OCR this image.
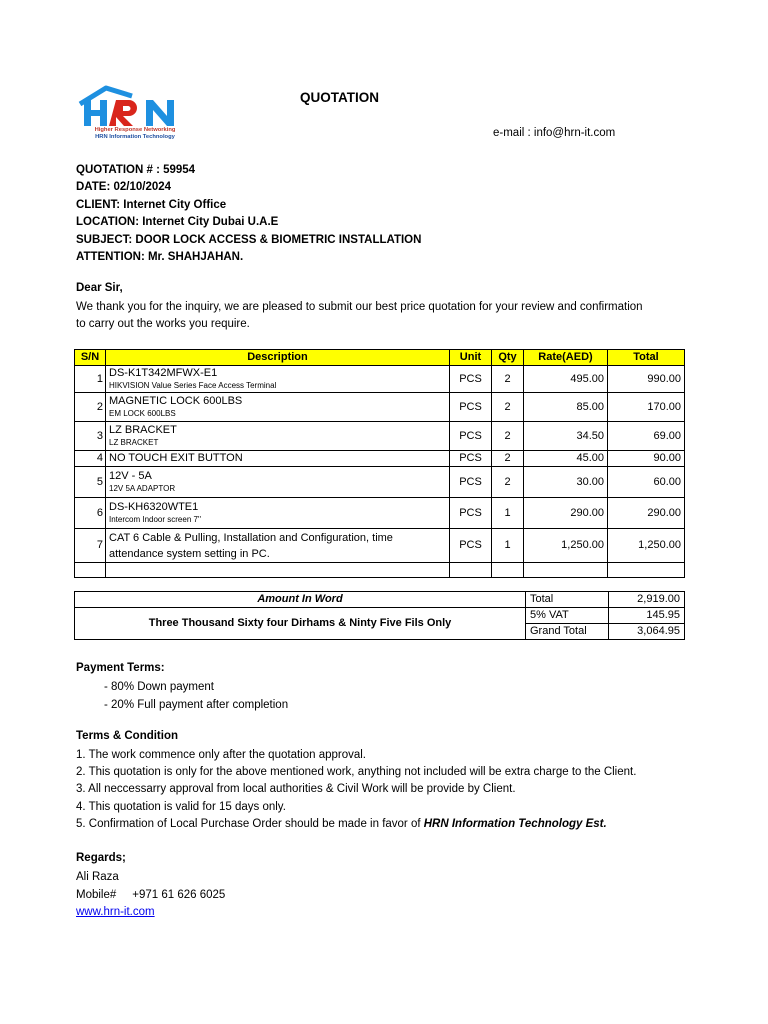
Higher Response Networking
HRN Information Technology
QUOTATION
e-mail : info@hrn-it.com
QUOTATION # : 59954
DATE: 02/10/2024
CLIENT: Internet City Office
LOCATION: Internet City Dubai U.A.E
SUBJECT: DOOR LOCK ACCESS & BIOMETRIC INSTALLATION
ATTENTION: Mr. SHAHJAHAN.
Dear Sir,
We thank you for the inquiry, we are pleased to submit our best price quotation for your review and confirmation
to carry out the works you require.
S/N	Description	Unit	Qty	Rate(AED)	Total
1	DS-K1T342MFWX-E1
HIKVISION Value Series Face Access Terminal	PCS	2	495.00	990.00
2	MAGNETIC LOCK 600LBS
EM LOCK 600LBS	PCS	2	85.00	170.00
3	LZ BRACKET
LZ BRACKET	PCS	2	34.50	69.00
4	NO TOUCH EXIT BUTTON	PCS	2	45.00	90.00
5	12V - 5A
12V 5A ADAPTOR	PCS	2	30.00	60.00
6	DS-KH6320WTE1
Intercom Indoor screen 7''	PCS	1	290.00	290.00
7	CAT 6 Cable & Pulling, Installation and Configuration, time
attendance system setting in PC.	PCS	1	1,250.00	1,250.00

Amount In Word	Total	2,919.00
Three Thousand Sixty four Dirhams & Ninty Five Fils Only	5% VAT	145.95
	Grand Total	3,064.95
Payment Terms:
- 80% Down payment
- 20% Full payment after completion
Terms & Condition
1. The work commence only after the quotation approval.
2. This quotation is only for the above mentioned work, anything not included will be extra charge to the Client.
3. All neccessarry approval from local authorities & Civil Work will be provide by Client.
4. This quotation is valid for 15 days only.
5. Confirmation of Local Purchase Order should be made in favor of HRN Information Technology Est.
Regards;
Ali Raza
Mobile#     +971 61 626 6025
www.hrn-it.com
